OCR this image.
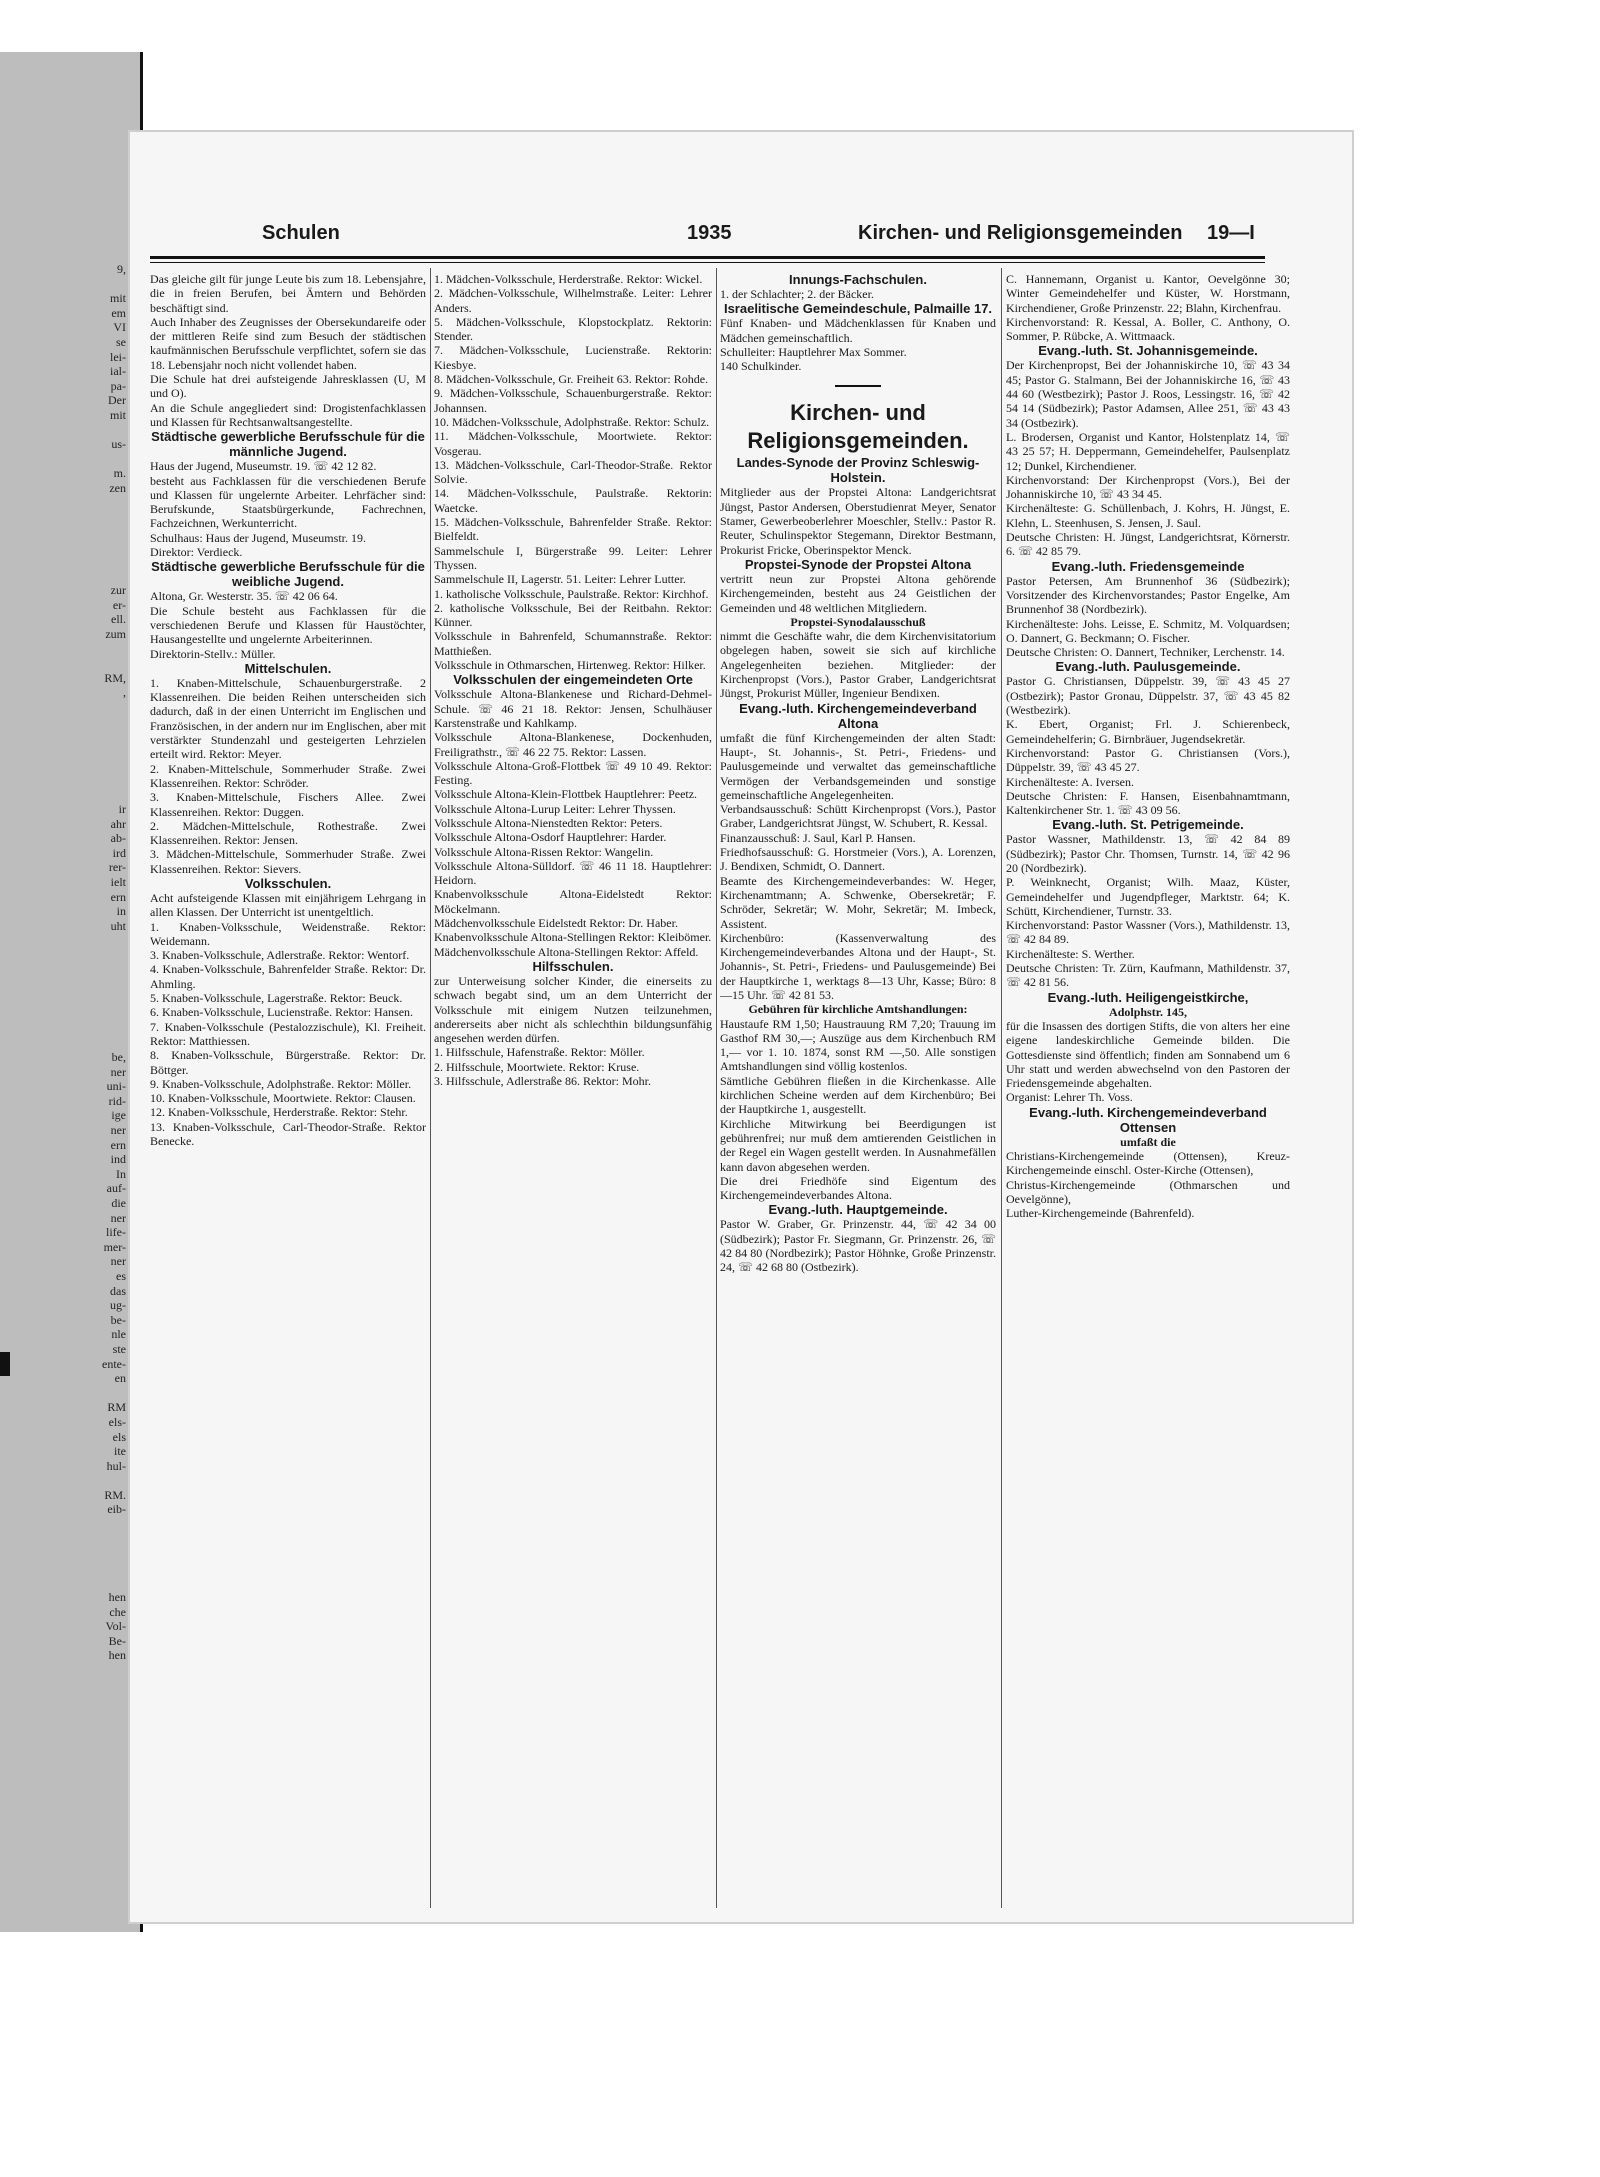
9,

mit
em
VI
se
lei-
ial-
pa-
Der
mit

us-

m.
zen

zur
er-
ell.
zum

RM,
,

ir
ahr
ab-
ird
rer-
ielt
ern
in
uht

be,
ner
uni-
rid-
ige
ner
ern
ind
In
auf-
die
ner
life-
mer-
ner
es
das
ug-
be-
nle
ste
ente-
en

RM
els-
els
ite
hul-

RM.
eib-

hen
che
Vol-
Be-
hen
Schulen	1935	Kirchen- und Religionsgemeinden 19—I

Das gleiche gilt für junge Leute bis zum 18. Lebensjahre, die in freien Berufen, bei Ämtern und Behörden beschäftigt sind.

Auch Inhaber des Zeugnisses der Obersekundareife oder der mittleren Reife sind zum Besuch der städtischen kaufmännischen Berufsschule verpflichtet, sofern sie das 18. Lebensjahr noch nicht vollendet haben.

Die Schule hat drei aufsteigende Jahresklassen (U, M und O).

An die Schule angegliedert sind: Drogistenfachklassen und Klassen für Rechtsanwaltsangestellte.

Städtische gewerbliche Berufsschule für die männliche Jugend.

Haus der Jugend, Museumstr. 19. ☏ 42 12 82.

besteht aus Fachklassen für die verschiedenen Berufe und Klassen für ungelernte Arbeiter. Lehrfächer sind: Berufskunde, Staatsbürgerkunde, Fachrechnen, Fachzeichnen, Werkunterricht.

Schulhaus: Haus der Jugend, Museumstr. 19.

Direktor: Verdieck.

Städtische gewerbliche Berufsschule für die weibliche Jugend.

Altona, Gr. Westerstr. 35. ☏ 42 06 64.

Die Schule besteht aus Fachklassen für die verschiedenen Berufe und Klassen für Haustöchter, Hausangestellte und ungelernte Arbeiterinnen.

Direktorin-Stellv.: Müller.

Mittelschulen.

1. Knaben-Mittelschule, Schauenburgerstraße. 2 Klassenreihen. Die beiden Reihen unterscheiden sich dadurch, daß in der einen Unterricht im Englischen und Französischen, in der andern nur im Englischen, aber mit verstärkter Stundenzahl und gesteigerten Lehrzielen erteilt wird. Rektor: Meyer.

2. Knaben-Mittelschule, Sommerhuder Straße. Zwei Klassenreihen. Rektor: Schröder.

3. Knaben-Mittelschule, Fischers Allee. Zwei Klassenreihen. Rektor: Duggen.

2. Mädchen-Mittelschule, Rothestraße. Zwei Klassenreihen. Rektor: Jensen.

3. Mädchen-Mittelschule, Sommerhuder Straße. Zwei Klassenreihen. Rektor: Sievers.

Volksschulen.

Acht aufsteigende Klassen mit einjährigem Lehrgang in allen Klassen. Der Unterricht ist unentgeltlich.

1. Knaben-Volksschule, Weidenstraße. Rektor: Weidemann.

3. Knaben-Volksschule, Adlerstraße. Rektor: Wentorf.

4. Knaben-Volksschule, Bahrenfelder Straße. Rektor: Dr. Ahmling.

5. Knaben-Volksschule, Lagerstraße. Rektor: Beuck.

6. Knaben-Volksschule, Lucienstraße. Rektor: Hansen.

7. Knaben-Volksschule (Pestalozzischule), Kl. Freiheit. Rektor: Matthiessen.

8. Knaben-Volksschule, Bürgerstraße. Rektor: Dr. Böttger.

9. Knaben-Volksschule, Adolphstraße. Rektor: Möller.

10. Knaben-Volksschule, Moortwiete. Rektor: Clausen.

12. Knaben-Volksschule, Herderstraße. Rektor: Stehr.

13. Knaben-Volksschule, Carl-Theodor-Straße. Rektor Benecke.

1. Mädchen-Volksschule, Herderstraße. Rektor: Wickel.

2. Mädchen-Volksschule, Wilhelmstraße. Leiter: Lehrer Anders.

5. Mädchen-Volksschule, Klopstockplatz. Rektorin: Stender.

7. Mädchen-Volksschule, Lucienstraße. Rektorin: Kiesbye.

8. Mädchen-Volksschule, Gr. Freiheit 63. Rektor: Rohde.

9. Mädchen-Volksschule, Schauenburgerstraße. Rektor: Johannsen.

10. Mädchen-Volksschule, Adolphstraße. Rektor: Schulz.

11. Mädchen-Volksschule, Moortwiete. Rektor: Vosgerau.

13. Mädchen-Volksschule, Carl-Theodor-Straße. Rektor Solvie.

14. Mädchen-Volksschule, Paulstraße. Rektorin: Waetcke.

15. Mädchen-Volksschule, Bahrenfelder Straße. Rektor: Bielfeldt.

Sammelschule I, Bürgerstraße 99. Leiter: Lehrer Thyssen.

Sammelschule II, Lagerstr. 51. Leiter: Lehrer Lutter.

1. katholische Volksschule, Paulstraße. Rektor: Kirchhof.

2. katholische Volksschule, Bei der Reitbahn. Rektor: Künner.

Volksschule in Bahrenfeld, Schumannstraße. Rektor: Matthießen.

Volksschule in Othmarschen, Hirtenweg. Rektor: Hilker.

Volksschulen der eingemeindeten Orte

Volksschule Altona-Blankenese und Richard-Dehmel-Schule. ☏ 46 21 18. Rektor: Jensen, Schulhäuser Karstenstraße und Kahlkamp.

Volksschule Altona-Blankenese, Dockenhuden, Freiligrathstr., ☏ 46 22 75. Rektor: Lassen.

Volksschule Altona-Groß-Flottbek ☏ 49 10 49. Rektor: Festing.

Volksschule Altona-Klein-Flottbek Hauptlehrer: Peetz.

Volksschule Altona-Lurup Leiter: Lehrer Thyssen.

Volksschule Altona-Nienstedten Rektor: Peters.

Volksschule Altona-Osdorf Hauptlehrer: Harder.

Volksschule Altona-Rissen Rektor: Wangelin.

Volksschule Altona-Sülldorf. ☏ 46 11 18. Hauptlehrer: Heidorn.

Knabenvolksschule Altona-Eidelstedt Rektor: Möckelmann.

Mädchenvolksschule Eidelstedt Rektor: Dr. Haber.

Knabenvolksschule Altona-Stellingen Rektor: Kleibömer.

Mädchenvolksschule Altona-Stellingen Rektor: Affeld.

Hilfsschulen.

zur Unterweisung solcher Kinder, die einerseits zu schwach begabt sind, um an dem Unterricht der Volksschule mit einigem Nutzen teilzunehmen, andererseits aber nicht als schlechthin bildungsunfähig angesehen werden dürfen.

1. Hilfsschule, Hafenstraße. Rektor: Möller.

2. Hilfsschule, Moortwiete. Rektor: Kruse.

3. Hilfsschule, Adlerstraße 86. Rektor: Mohr.

Innungs-Fachschulen.

1. der Schlachter; 2. der Bäcker.

Israelitische Gemeindeschule, Palmaille 17.

Fünf Knaben- und Mädchenklassen für Knaben und Mädchen gemeinschaftlich.

Schulleiter: Hauptlehrer Max Sommer.

140 Schulkinder.

Kirchen- und Religionsgemeinden.

Landes-Synode der Provinz Schleswig-Holstein.

Mitglieder aus der Propstei Altona: Landgerichtsrat Jüngst, Pastor Andersen, Oberstudienrat Meyer, Senator Stamer, Gewerbeoberlehrer Moeschler, Stellv.: Pastor R. Reuter, Schulinspektor Stegemann, Direktor Bestmann, Prokurist Fricke, Oberinspektor Menck.

Propstei-Synode der Propstei Altona

vertritt neun zur Propstei Altona gehörende Kirchengemeinden, besteht aus 24 Geistlichen der Gemeinden und 48 weltlichen Mitgliedern.

Propstei-Synodalausschuß

nimmt die Geschäfte wahr, die dem Kirchenvisitatorium obgelegen haben, soweit sie sich auf kirchliche Angelegenheiten beziehen. Mitglieder: der Kirchenpropst (Vors.), Pastor Graber, Landgerichtsrat Jüngst, Prokurist Müller, Ingenieur Bendixen.

Evang.-luth. Kirchengemeindeverband Altona

umfaßt die fünf Kirchengemeinden der alten Stadt: Haupt-, St. Johannis-, St. Petri-, Friedens- und Paulusgemeinde und verwaltet das gemeinschaftliche Vermögen der Verbandsgemeinden und sonstige gemeinschaftliche Angelegenheiten.

Verbandsausschuß: Schütt Kirchenpropst (Vors.), Pastor Graber, Landgerichtsrat Jüngst, W. Schubert, R. Kessal.

Finanzausschuß: J. Saul, Karl P. Hansen.

Friedhofsausschuß: G. Horstmeier (Vors.), A. Lorenzen, J. Bendixen, Schmidt, O. Dannert.

Beamte des Kirchengemeindeverbandes: W. Heger, Kirchenamtmann; A. Schwenke, Obersekretär; F. Schröder, Sekretär; W. Mohr, Sekretär; M. Imbeck, Assistent.

Kirchenbüro: (Kassenverwaltung des Kirchengemeindeverbandes Altona und der Haupt-, St. Johannis-, St. Petri-, Friedens- und Paulusgemeinde) Bei der Hauptkirche 1, werktags 8—13 Uhr, Kasse; Büro: 8—15 Uhr. ☏ 42 81 53.

Gebühren für kirchliche Amtshandlungen:

Haustaufe RM 1,50; Haustrauung RM 7,20; Trauung im Gasthof RM 30,—; Auszüge aus dem Kirchenbuch RM 1,— vor 1. 10. 1874, sonst RM —,50. Alle sonstigen Amtshandlungen sind völlig kostenlos.

Sämtliche Gebühren fließen in die Kirchenkasse. Alle kirchlichen Scheine werden auf dem Kirchenbüro; Bei der Hauptkirche 1, ausgestellt.

Kirchliche Mitwirkung bei Beerdigungen ist gebührenfrei; nur muß dem amtierenden Geistlichen in der Regel ein Wagen gestellt werden. In Ausnahmefällen kann davon abgesehen werden.

Die drei Friedhöfe sind Eigentum des Kirchengemeindeverbandes Altona.

Evang.-luth. Hauptgemeinde.

Pastor W. Graber, Gr. Prinzenstr. 44, ☏ 42 34 00 (Südbezirk); Pastor Fr. Siegmann, Gr. Prinzenstr. 26, ☏ 42 84 80 (Nordbezirk); Pastor Höhnke, Große Prinzenstr. 24, ☏ 42 68 80 (Ostbezirk).

C. Hannemann, Organist u. Kantor, Oevelgönne 30; Winter Gemeindehelfer und Küster, W. Horstmann, Kirchendiener, Große Prinzenstr. 22; Blahn, Kirchenfrau.

Kirchenvorstand: R. Kessal, A. Boller, C. Anthony, O. Sommer, P. Rübcke, A. Wittmaack.

Evang.-luth. St. Johannisgemeinde.

Der Kirchenpropst, Bei der Johanniskirche 10, ☏ 43 34 45; Pastor G. Stalmann, Bei der Johanniskirche 16, ☏ 43 44 60 (Westbezirk); Pastor J. Roos, Lessingstr. 16, ☏ 42 54 14 (Südbezirk); Pastor Adamsen, Allee 251, ☏ 43 43 34 (Ostbezirk).

L. Brodersen, Organist und Kantor, Holstenplatz 14, ☏ 43 25 57; H. Deppermann, Gemeindehelfer, Paulsenplatz 12; Dunkel, Kirchendiener.

Kirchenvorstand: Der Kirchenpropst (Vors.), Bei der Johanniskirche 10, ☏ 43 34 45.

Kirchenälteste: G. Schüllenbach, J. Kohrs, H. Jüngst, E. Klehn, L. Steenhusen, S. Jensen, J. Saul.

Deutsche Christen: H. Jüngst, Landgerichtsrat, Körnerstr. 6. ☏ 42 85 79.

Evang.-luth. Friedensgemeinde

Pastor Petersen, Am Brunnenhof 36 (Südbezirk); Vorsitzender des Kirchenvorstandes; Pastor Engelke, Am Brunnenhof 38 (Nordbezirk).

Kirchenälteste: Johs. Leisse, E. Schmitz, M. Volquardsen; O. Dannert, G. Beckmann; O. Fischer.

Deutsche Christen: O. Dannert, Techniker, Lerchenstr. 14.

Evang.-luth. Paulusgemeinde.

Pastor G. Christiansen, Düppelstr. 39, ☏ 43 45 27 (Ostbezirk); Pastor Gronau, Düppelstr. 37, ☏ 43 45 82 (Westbezirk).

K. Ebert, Organist; Frl. J. Schierenbeck, Gemeindehelferin; G. Birnbräuer, Jugendsekretär.

Kirchenvorstand: Pastor G. Christiansen (Vors.), Düppelstr. 39, ☏ 43 45 27.

Kirchenälteste: A. Iversen.

Deutsche Christen: F. Hansen, Eisenbahnamtmann, Kaltenkirchener Str. 1. ☏ 43 09 56.

Evang.-luth. St. Petrigemeinde.

Pastor Wassner, Mathildenstr. 13, ☏ 42 84 89 (Südbezirk); Pastor Chr. Thomsen, Turnstr. 14, ☏ 42 96 20 (Nordbezirk).

P. Weinknecht, Organist; Wilh. Maaz, Küster, Gemeindehelfer und Jugendpfleger, Marktstr. 64; K. Schütt, Kirchendiener, Turnstr. 33.

Kirchenvorstand: Pastor Wassner (Vors.), Mathildenstr. 13, ☏ 42 84 89.

Kirchenälteste: S. Werther.

Deutsche Christen: Tr. Zürn, Kaufmann, Mathildenstr. 37, ☏ 42 81 56.

Evang.-luth. Heiligengeistkirche,

Adolphstr. 145,

für die Insassen des dortigen Stifts, die von alters her eine eigene landeskirchliche Gemeinde bilden. Die Gottesdienste sind öffentlich; finden am Sonnabend um 6 Uhr statt und werden abwechselnd von den Pastoren der Friedensgemeinde abgehalten.

Organist: Lehrer Th. Voss.

Evang.-luth. Kirchengemeindeverband Ottensen

umfaßt die

Christians-Kirchengemeinde (Ottensen), Kreuz-Kirchengemeinde einschl. Oster-Kirche (Ottensen),

Christus-Kirchengemeinde (Othmarschen und Oevelgönne),

Luther-Kirchengemeinde (Bahrenfeld).
